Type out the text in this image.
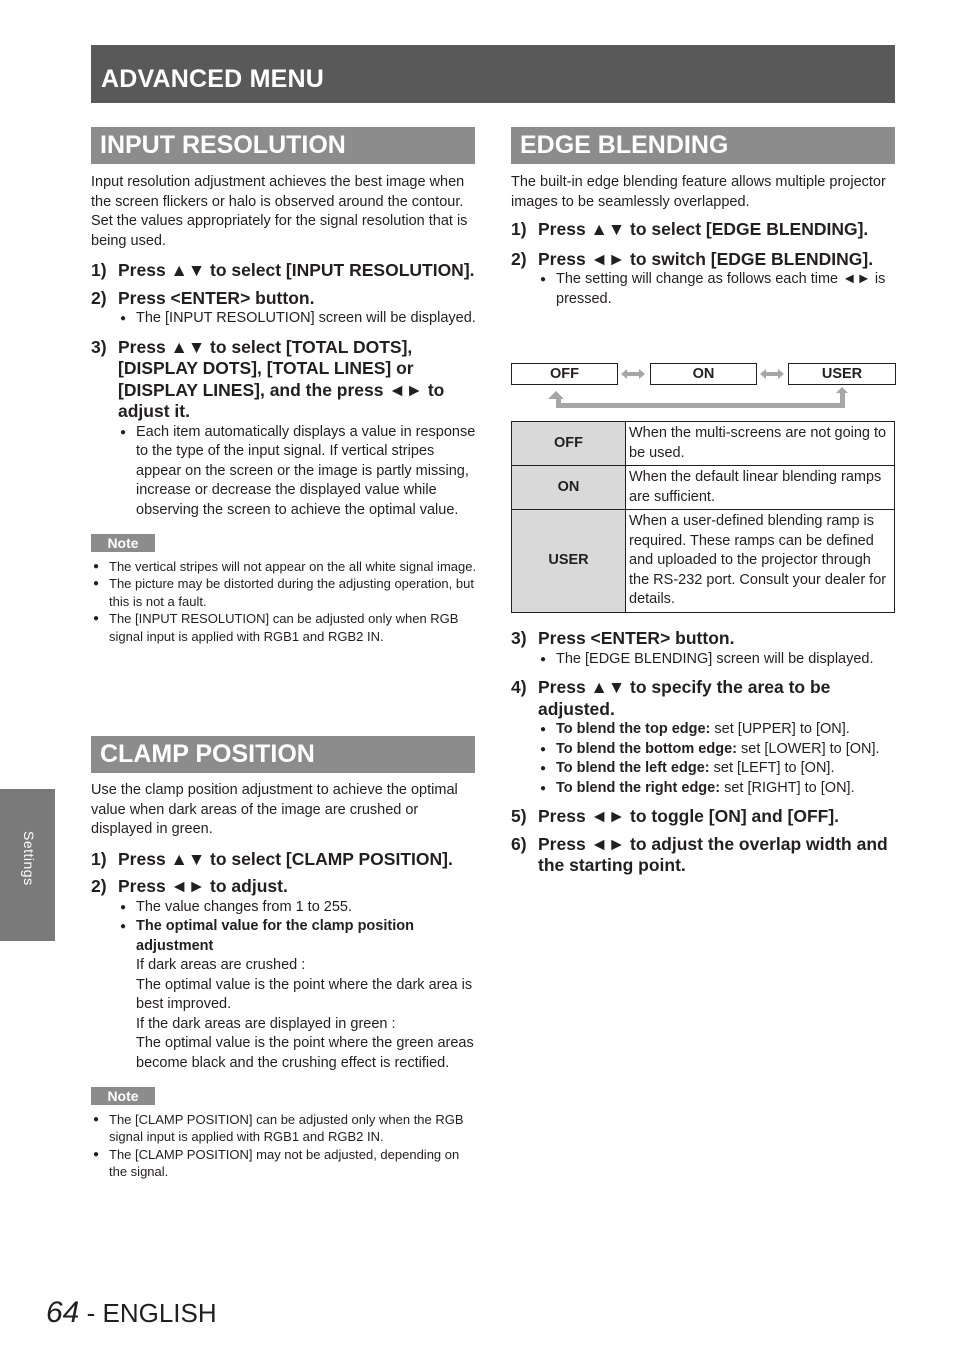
ADVANCED MENU
INPUT RESOLUTION

Input resolution adjustment achieves the best image when the screen flickers or halo is observed around the contour. Set the values appropriately for the signal resolution that is being used.

1) Press ▲▼ to select [INPUT RESOLUTION].
2) Press <ENTER> button.
● The [INPUT RESOLUTION] screen will be displayed.
3) Press ▲▼ to select [TOTAL DOTS], [DISPLAY DOTS], [TOTAL LINES] or [DISPLAY LINES], and the press ◄► to adjust it.
● Each item automatically displays a value in response to the type of the input signal. If vertical stripes appear on the screen or the image is partly missing, increase or decrease the displayed value while observing the screen to achieve the optimal value.
Note
● The vertical stripes will not appear on the all white signal image.
● The picture may be distorted during the adjusting operation, but this is not a fault.
● The [INPUT RESOLUTION] can be adjusted only when RGB signal input is applied with RGB1 and RGB2 IN.
CLAMP POSITION

Use the clamp position adjustment to achieve the optimal value when dark areas of the image are crushed or displayed in green.

1) Press ▲▼ to select [CLAMP POSITION].
2) Press ◄► to adjust.
● The value changes from 1 to 255.
● The optimal value for the clamp position adjustment
If dark areas are crushed :
The optimal value is the point where the dark area is best improved.
If the dark areas are displayed in green :
The optimal value is the point where the green areas become black and the crushing effect is rectified.
Note
● The [CLAMP POSITION] can be adjusted only when the RGB signal input is applied with RGB1 and RGB2 IN.
● The [CLAMP POSITION] may not be adjusted, depending on the signal.
EDGE BLENDING

The built-in edge blending feature allows multiple projector images to be seamlessly overlapped.

1) Press ▲▼ to select [EDGE BLENDING].
2) Press ◄► to switch [EDGE BLENDING].
● The setting will change as follows each time ◄► is pressed.
OFF	ON	USER
OFF	When the multi-screens are not going to be used.
ON	When the default linear blending ramps are sufficient.
USER	When a user-defined blending ramp is required. These ramps can be defined and uploaded to the projector through the RS-232 port. Consult your dealer for details.
3) Press <ENTER> button.
● The [EDGE BLENDING] screen will be displayed.
4) Press ▲▼ to specify the area to be adjusted.
● To blend the top edge: set [UPPER] to [ON].
● To blend the bottom edge: set [LOWER] to [ON].
● To blend the left edge: set [LEFT] to [ON].
● To blend the right edge: set [RIGHT] to [ON].
5) Press ◄► to toggle [ON] and [OFF].
6) Press ◄► to adjust the overlap width and the starting point.
Settings
64 - ENGLISH
